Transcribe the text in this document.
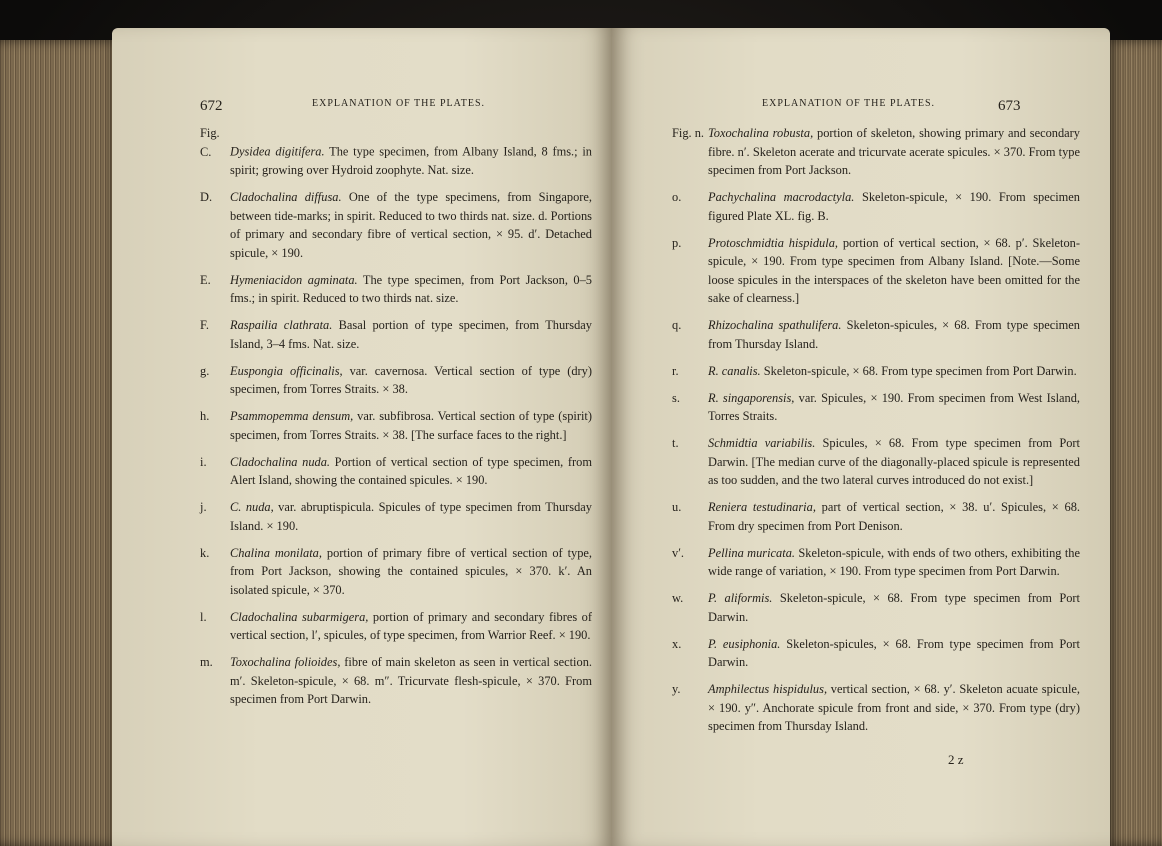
672	EXPLANATION OF THE PLATES.
Fig. C. Dysidea digitifera. The type specimen, from Albany Island, 8 fms.; in spirit; growing over Hydroid zoophyte. Nat. size.
D. Cladochalina diffusa. One of the type specimens, from Singapore, between tide-marks; in spirit. Reduced to two thirds nat. size. d. Portions of primary and secondary fibre of vertical section, × 95. d′. Detached spicule, × 190.
E. Hymeniacidon agminata. The type specimen, from Port Jackson, 0–5 fms.; in spirit. Reduced to two thirds nat. size.
F. Raspailia clathrata. Basal portion of type specimen, from Thursday Island, 3–4 fms. Nat. size.
g. Euspongia officinalis, var. cavernosa. Vertical section of type (dry) specimen, from Torres Straits. × 38.
h. Psammopemma densum, var. subfibrosa. Vertical section of type (spirit) specimen, from Torres Straits. × 38. [The surface faces to the right.]
i. Cladochalina nuda. Portion of vertical section of type specimen, from Alert Island, showing the contained spicules. × 190.
j. C. nuda, var. abruptispicula. Spicules of type specimen from Thursday Island. × 190.
k. Chalina monilata, portion of primary fibre of vertical section of type, from Port Jackson, showing the contained spicules, × 370. k′. An isolated spicule, × 370.
l. Cladochalina subarmigera, portion of primary and secondary fibres of vertical section, l′, spicules, of type specimen, from Warrior Reef. × 190.
m. Toxochalina folioides, fibre of main skeleton as seen in vertical section. m′. Skeleton-spicule, × 68. m″. Tricurvate flesh-spicule, × 370. From specimen from Port Darwin.
EXPLANATION OF THE PLATES.	673
Fig. n. Toxochalina robusta, portion of skeleton, showing primary and secondary fibre. n′. Skeleton acerate and tricurvate acerate spicules. × 370. From type specimen from Port Jackson.
o. Pachychalina macrodactyla. Skeleton-spicule, × 190. From specimen figured Plate XL. fig. B.
p. Protoschmidtia hispidula, portion of vertical section, × 68. p′. Skeleton-spicule, × 190. From type specimen from Albany Island. [Note.—Some loose spicules in the interspaces of the skeleton have been omitted for the sake of clearness.]
q. Rhizochalina spathulifera. Skeleton-spicules, × 68. From type specimen from Thursday Island.
r. R. canalis. Skeleton-spicule, × 68. From type specimen from Port Darwin.
s. R. singaporensis, var. Spicules, × 190. From specimen from West Island, Torres Straits.
t. Schmidtia variabilis. Spicules, × 68. From type specimen from Port Darwin. [The median curve of the diagonally-placed spicule is represented as too sudden, and the two lateral curves introduced do not exist.]
u. Reniera testudinaria, part of vertical section, × 38. u′. Spicules, × 68. From dry specimen from Port Denison.
v′. Pellina muricata. Skeleton-spicule, with ends of two others, exhibiting the wide range of variation, × 190. From type specimen from Port Darwin.
w. P. aliformis. Skeleton-spicule, × 68. From type specimen from Port Darwin.
x. P. eusiphonia. Skeleton-spicules, × 68. From type specimen from Port Darwin.
y. Amphilectus hispidulus, vertical section, × 68. y′. Skeleton acuate spicule, × 190. y″. Anchorate spicule from front and side, × 370. From type (dry) specimen from Thursday Island.
2 z
